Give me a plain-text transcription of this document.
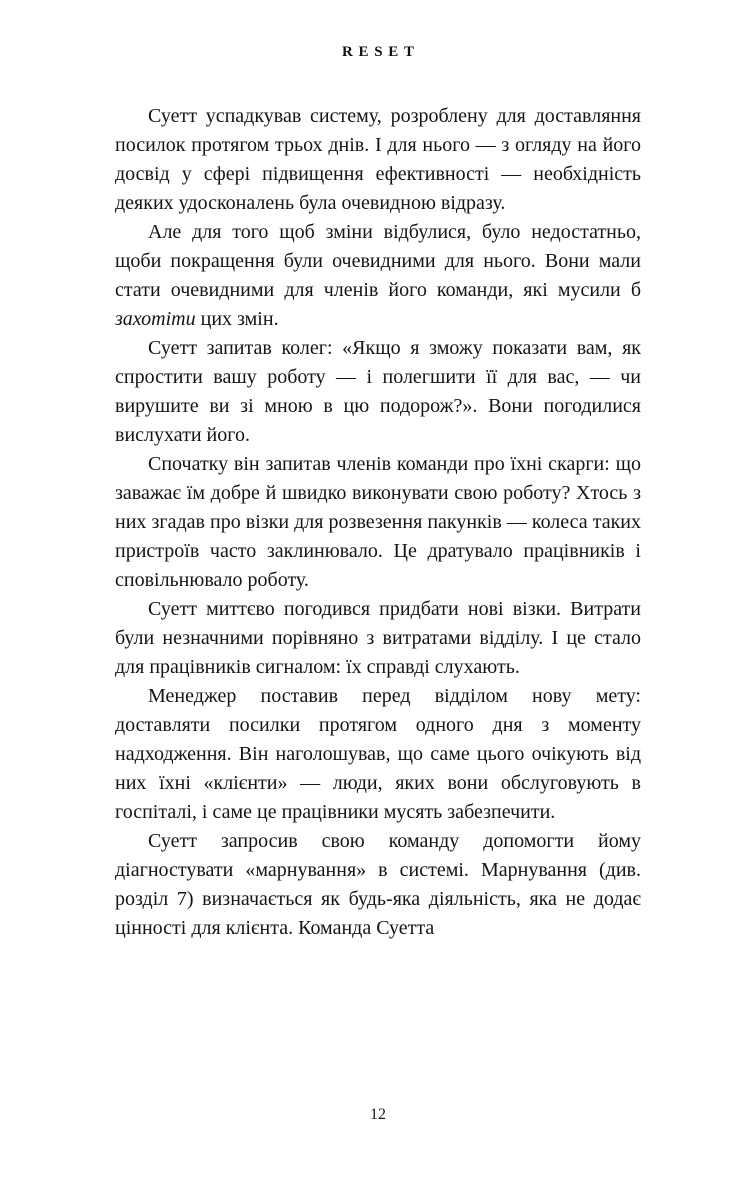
RESET

Суетт успадкував систему, розроблену для доставляння посилок протягом трьох днів. І для нього — з огляду на його досвід у сфері підвищення ефективності — необхідність деяких удосконалень була очевидною відразу.

Але для того щоб зміни відбулися, було недостатньо, щоби покращення були очевидними для нього. Вони мали стати очевидними для членів його команди, які мусили б захотіти цих змін.

Суетт запитав колег: «Якщо я зможу показати вам, як спростити вашу роботу — і полегшити її для вас, — чи вирушите ви зі мною в цю подорож?». Вони погодилися вислухати його.

Спочатку він запитав членів команди про їхні скарги: що заважає їм добре й швидко виконувати свою роботу? Хтось з них згадав про візки для розвезення пакунків — колеса таких пристроїв часто заклинювало. Це дратувало працівників і сповільнювало роботу.

Суетт миттєво погодився придбати нові візки. Витрати були незначними порівняно з витратами відділу. І це стало для працівників сигналом: їх справді слухають.

Менеджер поставив перед відділом нову мету: доставляти посилки протягом одного дня з моменту надходження. Він наголошував, що саме цього очікують від них їхні «клієнти» — люди, яких вони обслуговують в госпіталі, і саме це працівники мусять забезпечити.

Суетт запросив свою команду допомогти йому діагностувати «марнування» в системі. Марнування (див. розділ 7) визначається як будь-яка діяльність, яка не додає цінності для клієнта. Команда Суетта

12
